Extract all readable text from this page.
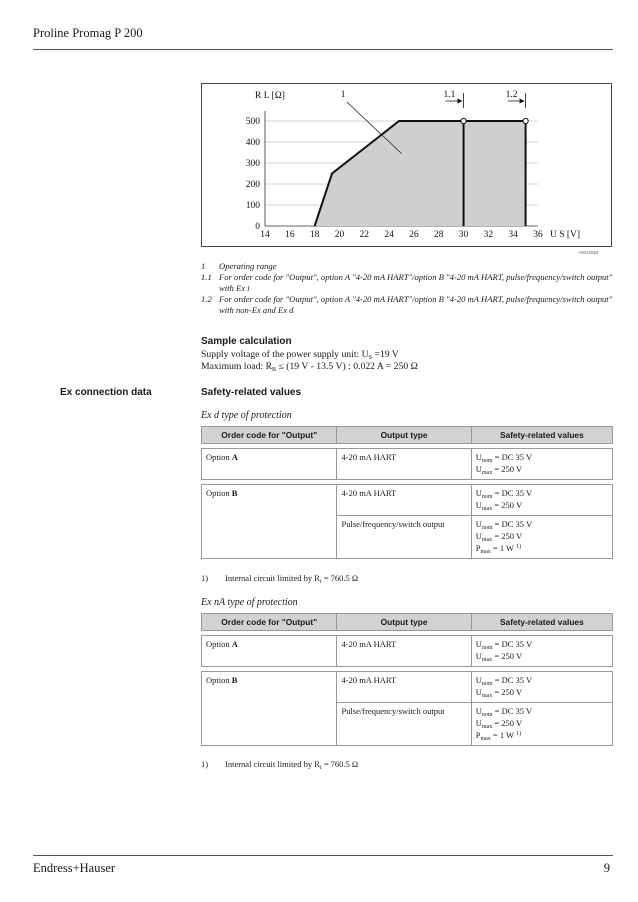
Proline Promag P 200
1.1	1.2
1
14 16 18 20 22 24 26 28 30 32 34 36
0
100
200
300
400
500
R L [Ω]
U S [V]
A0013563
1 Operating range
1.1 For order code for "Output", option A "4-20 mA HART"/option B "4-20 mA HART, pulse/frequency/switch output" with Ex i
1.2 For order code for "Output", option A "4-20 mA HART"/option B "4-20 mA HART, pulse/frequency/switch output" with non-Ex and Ex d
Sample calculation
Supply voltage of the power supply unit: $U_S =19$ V
Maximum load: $R_B \le (19$ V - 13.5 V) : 0.022 A = 250 Ω
Ex connection data	Safety-related values
Ex d type of protection
Order code for "Output"	Output type	Safety-related values

Option A	4-20 mA HART	$U_{nom}$ = DC 35 V
$U_{max} = 250$ V

Option B	4-20 mA HART	$U_{nom}$ = DC 35 V
$U_{max} = 250$ V
	Pulse/frequency/switch output	$U_{nom}$ = DC 35 V
$U_{max} = 250$ V
$P_{max} = 1$ W $^{1)}$
1) Internal circuit limited by $R_i = 760.5$ Ω
Ex nA type of protection
Order code for "Output"	Output type	Safety-related values

Option A	4-20 mA HART	$U_{nom}$ = DC 35 V
$U_{max} = 250$ V

Option B	4-20 mA HART	$U_{nom}$ = DC 35 V
$U_{max} = 250$ V
	Pulse/frequency/switch output	$U_{nom}$ = DC 35 V
$U_{max} = 250$ V
$P_{max} = 1$ W $^{1)}$
1) Internal circuit limited by $R_i = 760.5$ Ω
Endress+Hauser	9
